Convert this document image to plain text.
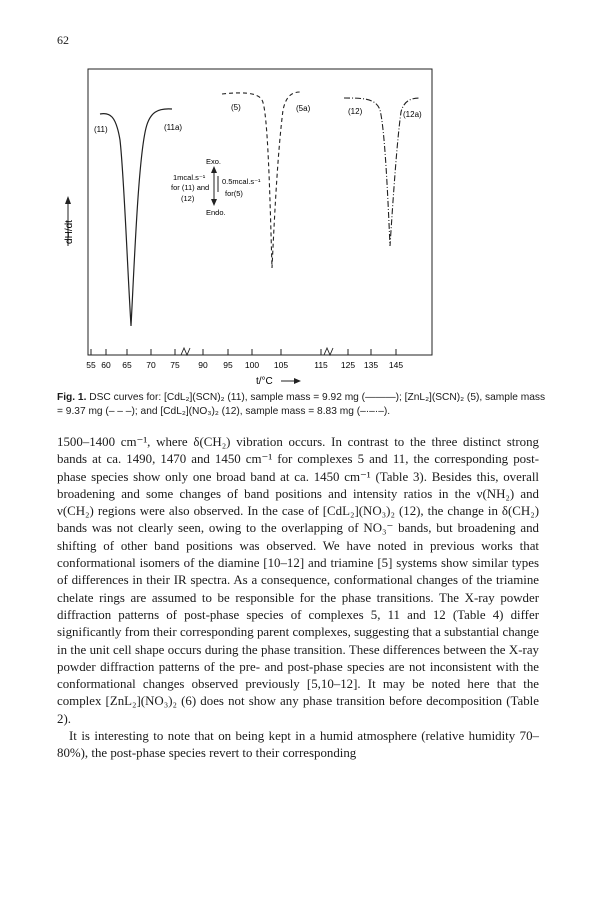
62
dH/dt
(11)	(11a)
(5)	(5a)	(12)	(12a)
Exo.
Endo.
1mcal.s⁻¹
for (11) and
(12)
0.5mcal.s⁻¹
for(5)
55 60 65 70 75 90 95 100 105	115 125 135 145
t/°C
Fig. 1. DSC curves for: [CdL₂](SCN)₂ (11), sample mass = 9.92 mg (———); [ZnL₂](SCN)₂ (5), sample mass = 9.37 mg (– – –); and [CdL₂](NO₃)₂ (12), sample mass = 8.83 mg (–·–·–).

1500–1400 cm⁻¹, where δ(CH₂) vibration occurs. In contrast to the three distinct strong bands at ca. 1490, 1470 and 1450 cm⁻¹ for complexes 5 and 11, the corresponding post-phase species show only one broad band at ca. 1450 cm⁻¹ (Table 3). Besides this, overall broadening and some changes of band positions and intensity ratios in the ν(NH₂) and ν(CH₂) regions were also observed. In the case of [CdL₂](NO₃)₂ (12), the change in δ(CH₂) bands was not clearly seen, owing to the overlapping of NO₃⁻ bands, but broadening and shifting of other band positions was observed. We have noted in previous works that conformational isomers of the diamine [10–12] and triamine [5] systems show similar types of differences in their IR spectra. As a consequence, conformational changes of the triamine chelate rings are assumed to be responsible for the phase transitions. The X-ray powder diffraction patterns of post-phase species of complexes 5, 11 and 12 (Table 4) differ significantly from their corresponding parent complexes, suggesting that a substantial change in the unit cell shape occurs during the phase transition. These differences between the X-ray powder diffraction patterns of the pre- and post-phase species are not inconsistent with the conformational changes observed previously [5,10–12]. It may be noted here that the complex [ZnL₂](NO₃)₂ (6) does not show any phase transition before decomposition (Table 2).

It is interesting to note that on being kept in a humid atmosphere (relative humidity 70–80%), the post-phase species revert to their corresponding
